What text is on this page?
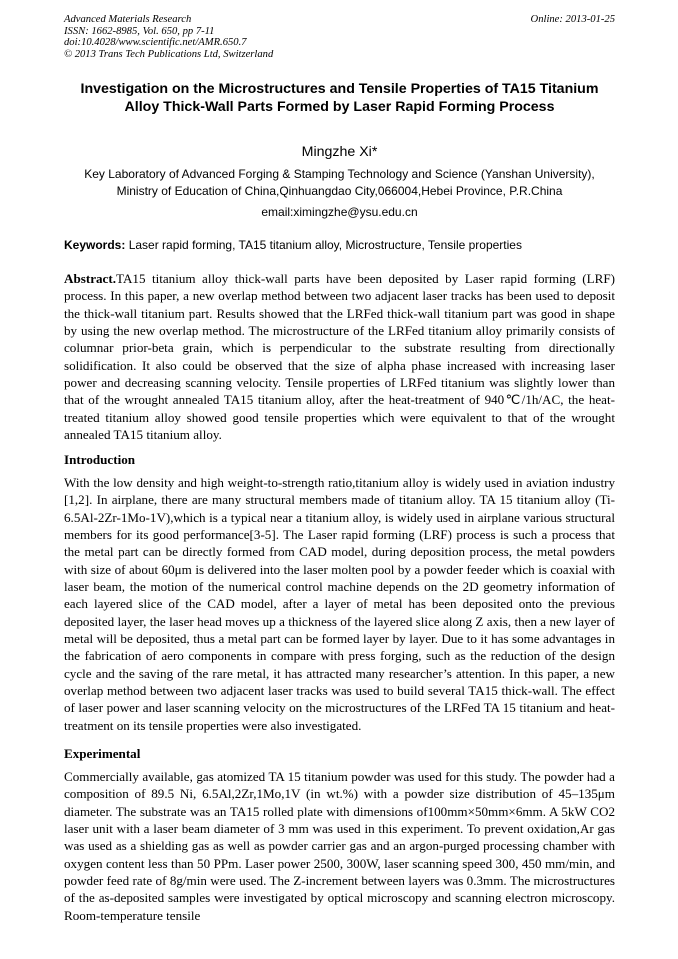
Advanced Materials Research
ISSN: 1662-8985, Vol. 650, pp 7-11
doi:10.4028/www.scientific.net/AMR.650.7
© 2013 Trans Tech Publications Ltd, Switzerland
Online: 2013-01-25
Investigation on the Microstructures and Tensile Properties of TA15 Titanium Alloy Thick-Wall Parts Formed by Laser Rapid Forming Process
Mingzhe Xi*
Key Laboratory of Advanced Forging & Stamping Technology and Science (Yanshan University),
Ministry of Education of China,Qinhuangdao City,066004,Hebei Province, P.R.China
email:ximingzhe@ysu.edu.cn
Keywords: Laser rapid forming, TA15 titanium alloy, Microstructure, Tensile properties
Abstract.TA15 titanium alloy thick-wall parts have been deposited by Laser rapid forming (LRF) process. In this paper, a new overlap method between two adjacent laser tracks has been used to deposit the thick-wall titanium part. Results showed that the LRFed thick-wall titanium part was good in shape by using the new overlap method. The microstructure of the LRFed titanium alloy primarily consists of columnar prior-beta grain, which is perpendicular to the substrate resulting from directionally solidification. It also could be observed that the size of alpha phase increased with increasing laser power and decreasing scanning velocity. Tensile properties of LRFed titanium was slightly lower than that of the wrought annealed TA15 titanium alloy, after the heat-treatment of 940℃/1h/AC, the heat-treated titanium alloy showed good tensile properties which were equivalent to that of the wrought annealed TA15 titanium alloy.
Introduction
With the low density and high weight-to-strength ratio,titanium alloy is widely used in aviation industry [1,2]. In airplane, there are many structural members made of titanium alloy. TA 15 titanium alloy (Ti-6.5Al-2Zr-1Mo-1V),which is a typical near a titanium alloy, is widely used in airplane various structural members for its good performance[3-5]. The Laser rapid forming (LRF) process is such a process that the metal part can be directly formed from CAD model, during deposition process, the metal powders with size of about 60μm is delivered into the laser molten pool by a powder feeder which is coaxial with laser beam, the motion of the numerical control machine depends on the 2D geometry information of each layered slice of the CAD model, after a layer of metal has been deposited onto the previous deposited layer, the laser head moves up a thickness of the layered slice along Z axis, then a new layer of metal will be deposited, thus a metal part can be formed layer by layer. Due to it has some advantages in the fabrication of aero components in compare with press forging, such as the reduction of the design cycle and the saving of the rare metal, it has attracted many researcher’s attention. In this paper, a new overlap method between two adjacent laser tracks was used to build several TA15 thick-wall. The effect of laser power and laser scanning velocity on the microstructures of the LRFed TA 15 titanium and heat-treatment on its tensile properties were also investigated.
Experimental
Commercially available, gas atomized TA 15 titanium powder was used for this study. The powder had a composition of 89.5 Ni, 6.5Al,2Zr,1Mo,1V (in wt.%) with a powder size distribution of 45–135μm diameter. The substrate was an TA15 rolled plate with dimensions of100mm×50mm×6mm. A 5kW CO2 laser unit with a laser beam diameter of 3 mm was used in this experiment. To prevent oxidation,Ar gas was used as a shielding gas as well as powder carrier gas and an argon-purged processing chamber with oxygen content less than 50 PPm. Laser power 2500, 300W, laser scanning speed 300, 450 mm/min, and powder feed rate of 8g/min were used. The Z-increment between layers was 0.3mm. The microstructures of the as-deposited samples were investigated by optical microscopy and scanning electron microscopy. Room-temperature tensile
